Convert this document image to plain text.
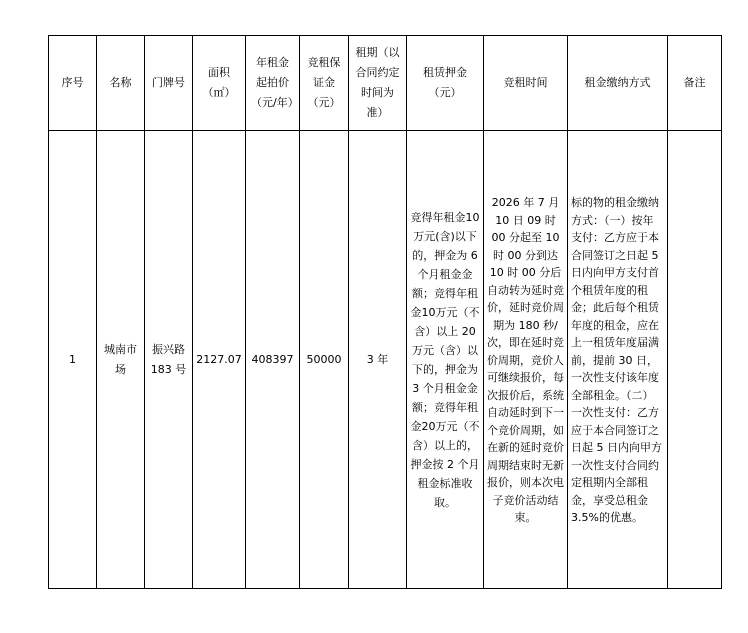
序号	名称	门牌号	面积（㎡）	年租金起拍价（元/年）	竞租保证金（元）	租期（以合同约定时间为准）	租赁押金（元）	竞租时间	租金缴纳方式	备注

1	城南市场	振兴路 183 号	2127.07	408397	50000	3 年	竞得年租金10万元(含)以下的，押金为 6 个月租金金额；竞得年租金10万元（不含）以上 20万元（含）以下的，押金为 3 个月租金金额；竞得年租金20万元（不含）以上的，押金按 2 个月租金标准收取。	2026 年 7 月 10 日 09 时 00 分起至 10 时 00 分到达 10 时 00 分后自动转为延时竞价，延时竞价周期为 180 秒/次，即在延时竞价周期，竞价人可继续报价，每次报价后，系统自动延时到下一个竞价周期，如在新的延时竞价周期结束时无新报价，则本次电子竞价活动结束。	标的物的租金缴纳方式：（一）按年支付：乙方应于本合同签订之日起 5 日内向甲方支付首个租赁年度的租金；此后每个租赁年度的租金，应在上一租赁年度届满前，提前 30 日，一次性支付该年度全部租金。（二）一次性支付：乙方应于本合同签订之日起 5 日内向甲方一次性支付合同约定租期内全部租金，享受总租金 3.5%的优惠。	
